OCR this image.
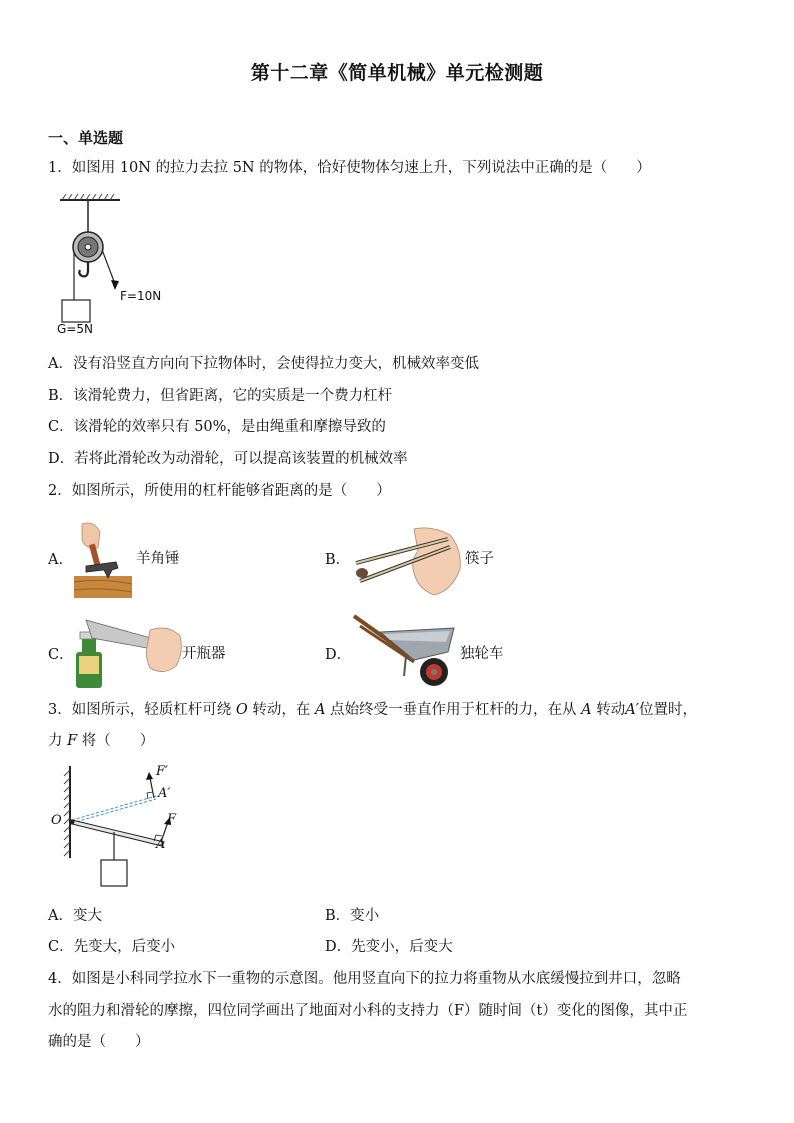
第十二章《简单机械》单元检测题
一、单选题
1．如图用 10N 的拉力去拉 5N 的物体，恰好使物体匀速上升，下列说法中正确的是（　　）
F=10N
G=5N
A．没有沿竖直方向向下拉物体时，会使得拉力变大，机械效率变低
B．该滑轮费力，但省距离，它的实质是一个费力杠杆
C．该滑轮的效率只有 50%，是由绳重和摩擦导致的
D．若将此滑轮改为动滑轮，可以提高该装置的机械效率
2．如图所示，所使用的杠杆能够省距离的是（　　）
A．	羊角锤	B．	筷子
C．	开瓶器	D．	独轮车
3．如图所示，轻质杠杆可绕 O 转动，在 A 点始终受一垂直作用于杠杆的力，在从 A 转动A′位置时，
力 F 将（　　）
O
A
A′
F
F′
A．变大	B．变小
C．先变大，后变小	D．先变小，后变大
4．如图是小科同学拉水下一重物的示意图。他用竖直向下的拉力将重物从水底缓慢拉到井口，忽略
水的阻力和滑轮的摩擦，四位同学画出了地面对小科的支持力（F）随时间（t）变化的图像，其中正
确的是（　　）
